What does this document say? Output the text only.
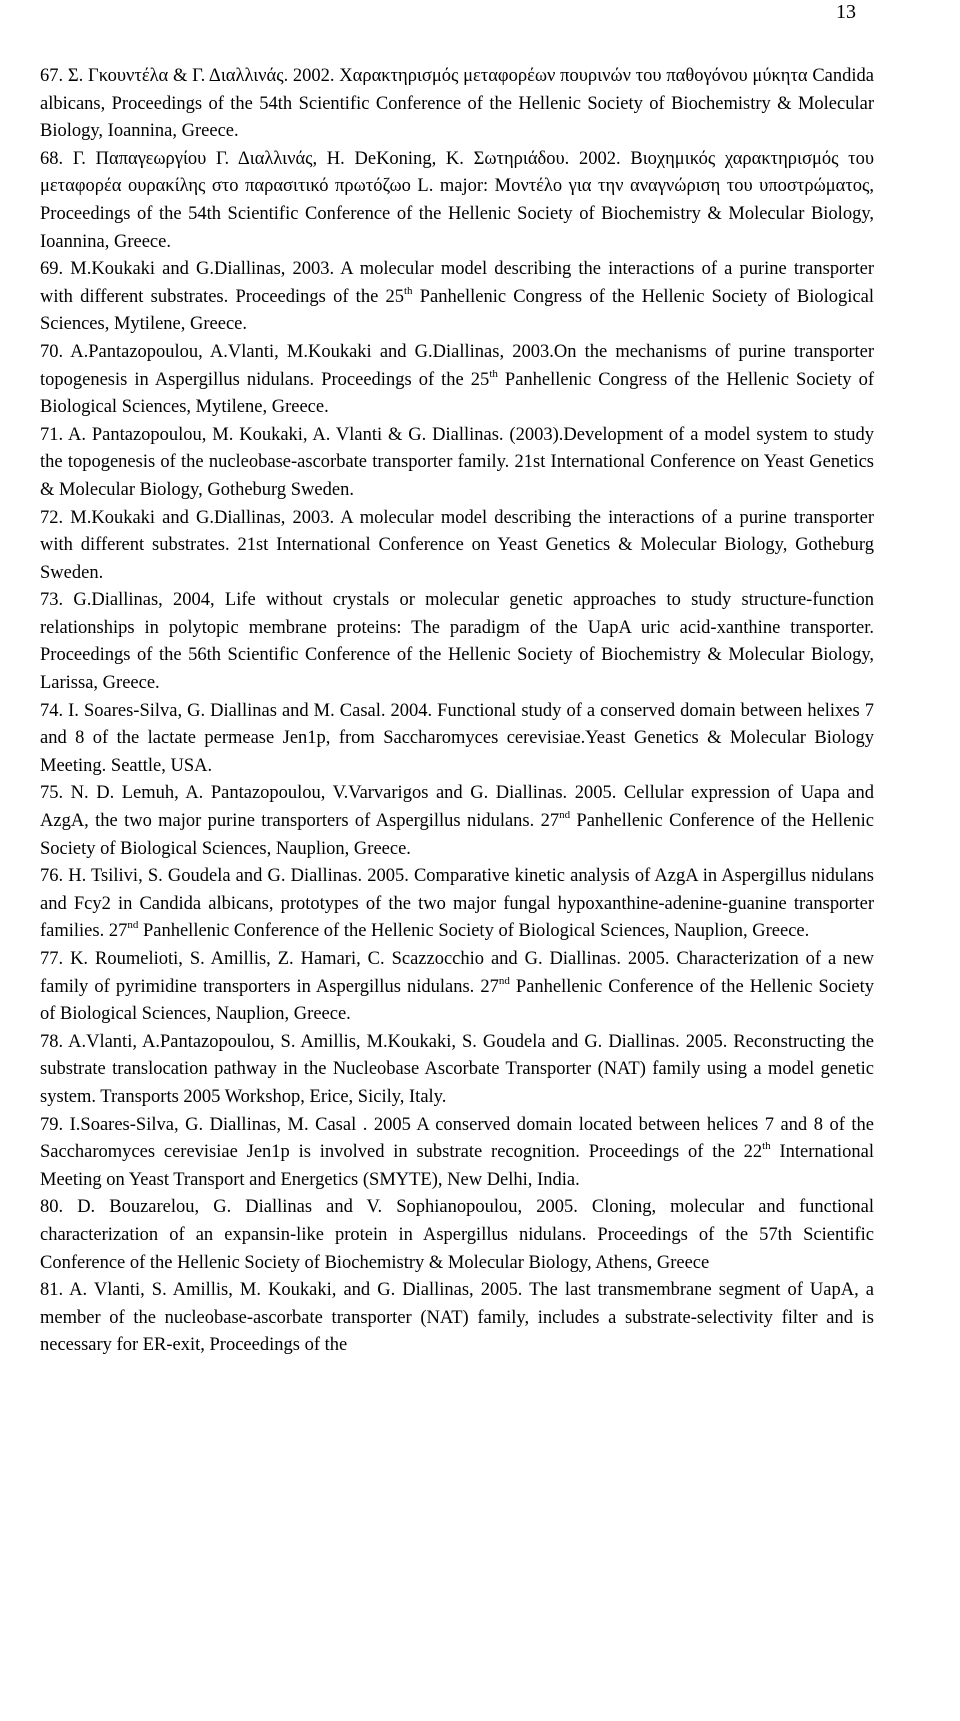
13

67. Σ. Γκουντέλα & Γ. Διαλλινάς. 2002. Χαρακτηρισμός μεταφορέων πουρινών του παθογόνου μύκητα Candida albicans, Proceedings of the 54th Scientific Conference of the Hellenic Society of Biochemistry & Molecular Biology, Ioannina, Greece.

68. Γ. Παπαγεωργίου Γ. Διαλλινάς, H. DeKoning, K. Σωτηριάδου. 2002. Βιοχημικός χαρακτηρισμός του μεταφορέα ουρακίλης στο παρασιτικό πρωτόζωο L. major: Μοντέλο για την αναγνώριση του υποστρώματος, Proceedings of the 54th Scientific Conference of the Hellenic Society of Biochemistry & Molecular Biology, Ioannina, Greece.

69. M.Koukaki and G.Diallinas, 2003. A molecular model describing the interactions of a purine transporter with different substrates. Proceedings of the 25th Panhellenic Congress of the Hellenic Society of Biological Sciences, Mytilene, Greece.

70. A.Pantazopoulou, A.Vlanti, M.Koukaki and G.Diallinas, 2003.On the mechanisms of purine transporter topogenesis in Aspergillus nidulans. Proceedings of the 25th Panhellenic Congress of the Hellenic Society of Biological Sciences, Mytilene, Greece.

71. A. Pantazopoulou, M. Koukaki, A. Vlanti & G. Diallinas. (2003).Development of a model system to study the topogenesis of the nucleobase-ascorbate transporter family. 21st International Conference on Yeast Genetics & Molecular Biology, Gotheburg Sweden.

72. M.Koukaki and G.Diallinas, 2003. A molecular model describing the interactions of a purine transporter with different substrates. 21st International Conference on Yeast Genetics & Molecular Biology, Gotheburg Sweden.

73. G.Diallinas, 2004, Life without crystals or molecular genetic approaches to study structure-function relationships in polytopic membrane proteins: The paradigm of the UapA uric acid-xanthine transporter. Proceedings of the 56th Scientific Conference of the Hellenic Society of Biochemistry & Molecular Biology, Larissa, Greece.

74. I. Soares-Silva, G. Diallinas and M. Casal. 2004. Functional study of a conserved domain between helixes 7 and 8 of the lactate permease Jen1p, from Saccharomyces cerevisiae.Yeast Genetics & Molecular Biology Meeting. Seattle, USA.

75. N. D. Lemuh, A. Pantazopoulou, V.Varvarigos and G. Diallinas. 2005. Cellular expression of Uapa and AzgA, the two major purine transporters of Aspergillus nidulans. 27nd Panhellenic Conference of the Hellenic Society of Biological Sciences, Nauplion, Greece.

76. H. Tsilivi, S. Goudela and G. Diallinas. 2005. Comparative kinetic analysis of AzgA in Aspergillus nidulans and Fcy2 in Candida albicans, prototypes of the two major fungal hypoxanthine-adenine-guanine transporter families. 27nd Panhellenic Conference of the Hellenic Society of Biological Sciences, Nauplion, Greece.

77. K. Roumelioti, S. Amillis, Z. Hamari, C. Scazzocchio and G. Diallinas. 2005. Characterization of a new family of pyrimidine transporters in Aspergillus nidulans. 27nd Panhellenic Conference of the Hellenic Society of Biological Sciences, Nauplion, Greece.

78. A.Vlanti, A.Pantazopoulou, S. Amillis, M.Koukaki, S. Goudela and G. Diallinas. 2005. Reconstructing the substrate translocation pathway in the Nucleobase Ascorbate Transporter (NAT) family using a model genetic system. Transports 2005 Workshop, Erice, Sicily, Italy.

79. I.Soares-Silva, G. Diallinas, M. Casal . 2005 A conserved domain located between helices 7 and 8 of the Saccharomyces cerevisiae Jen1p is involved in substrate recognition. Proceedings of the 22th International Meeting on Yeast Transport and Energetics (SMYTE), New Delhi, India.

80. D. Bouzarelou, G. Diallinas and V. Sophianopoulou, 2005. Cloning, molecular and functional characterization of an expansin-like protein in Aspergillus nidulans. Proceedings of the 57th Scientific Conference of the Hellenic Society of Biochemistry & Molecular Biology, Athens, Greece

81. A. Vlanti, S. Amillis, M. Koukaki, and G. Diallinas, 2005. The last transmembrane segment of UapA, a member of the nucleobase-ascorbate transporter (NAT) family, includes a substrate-selectivity filter and is necessary for ER-exit, Proceedings of the
